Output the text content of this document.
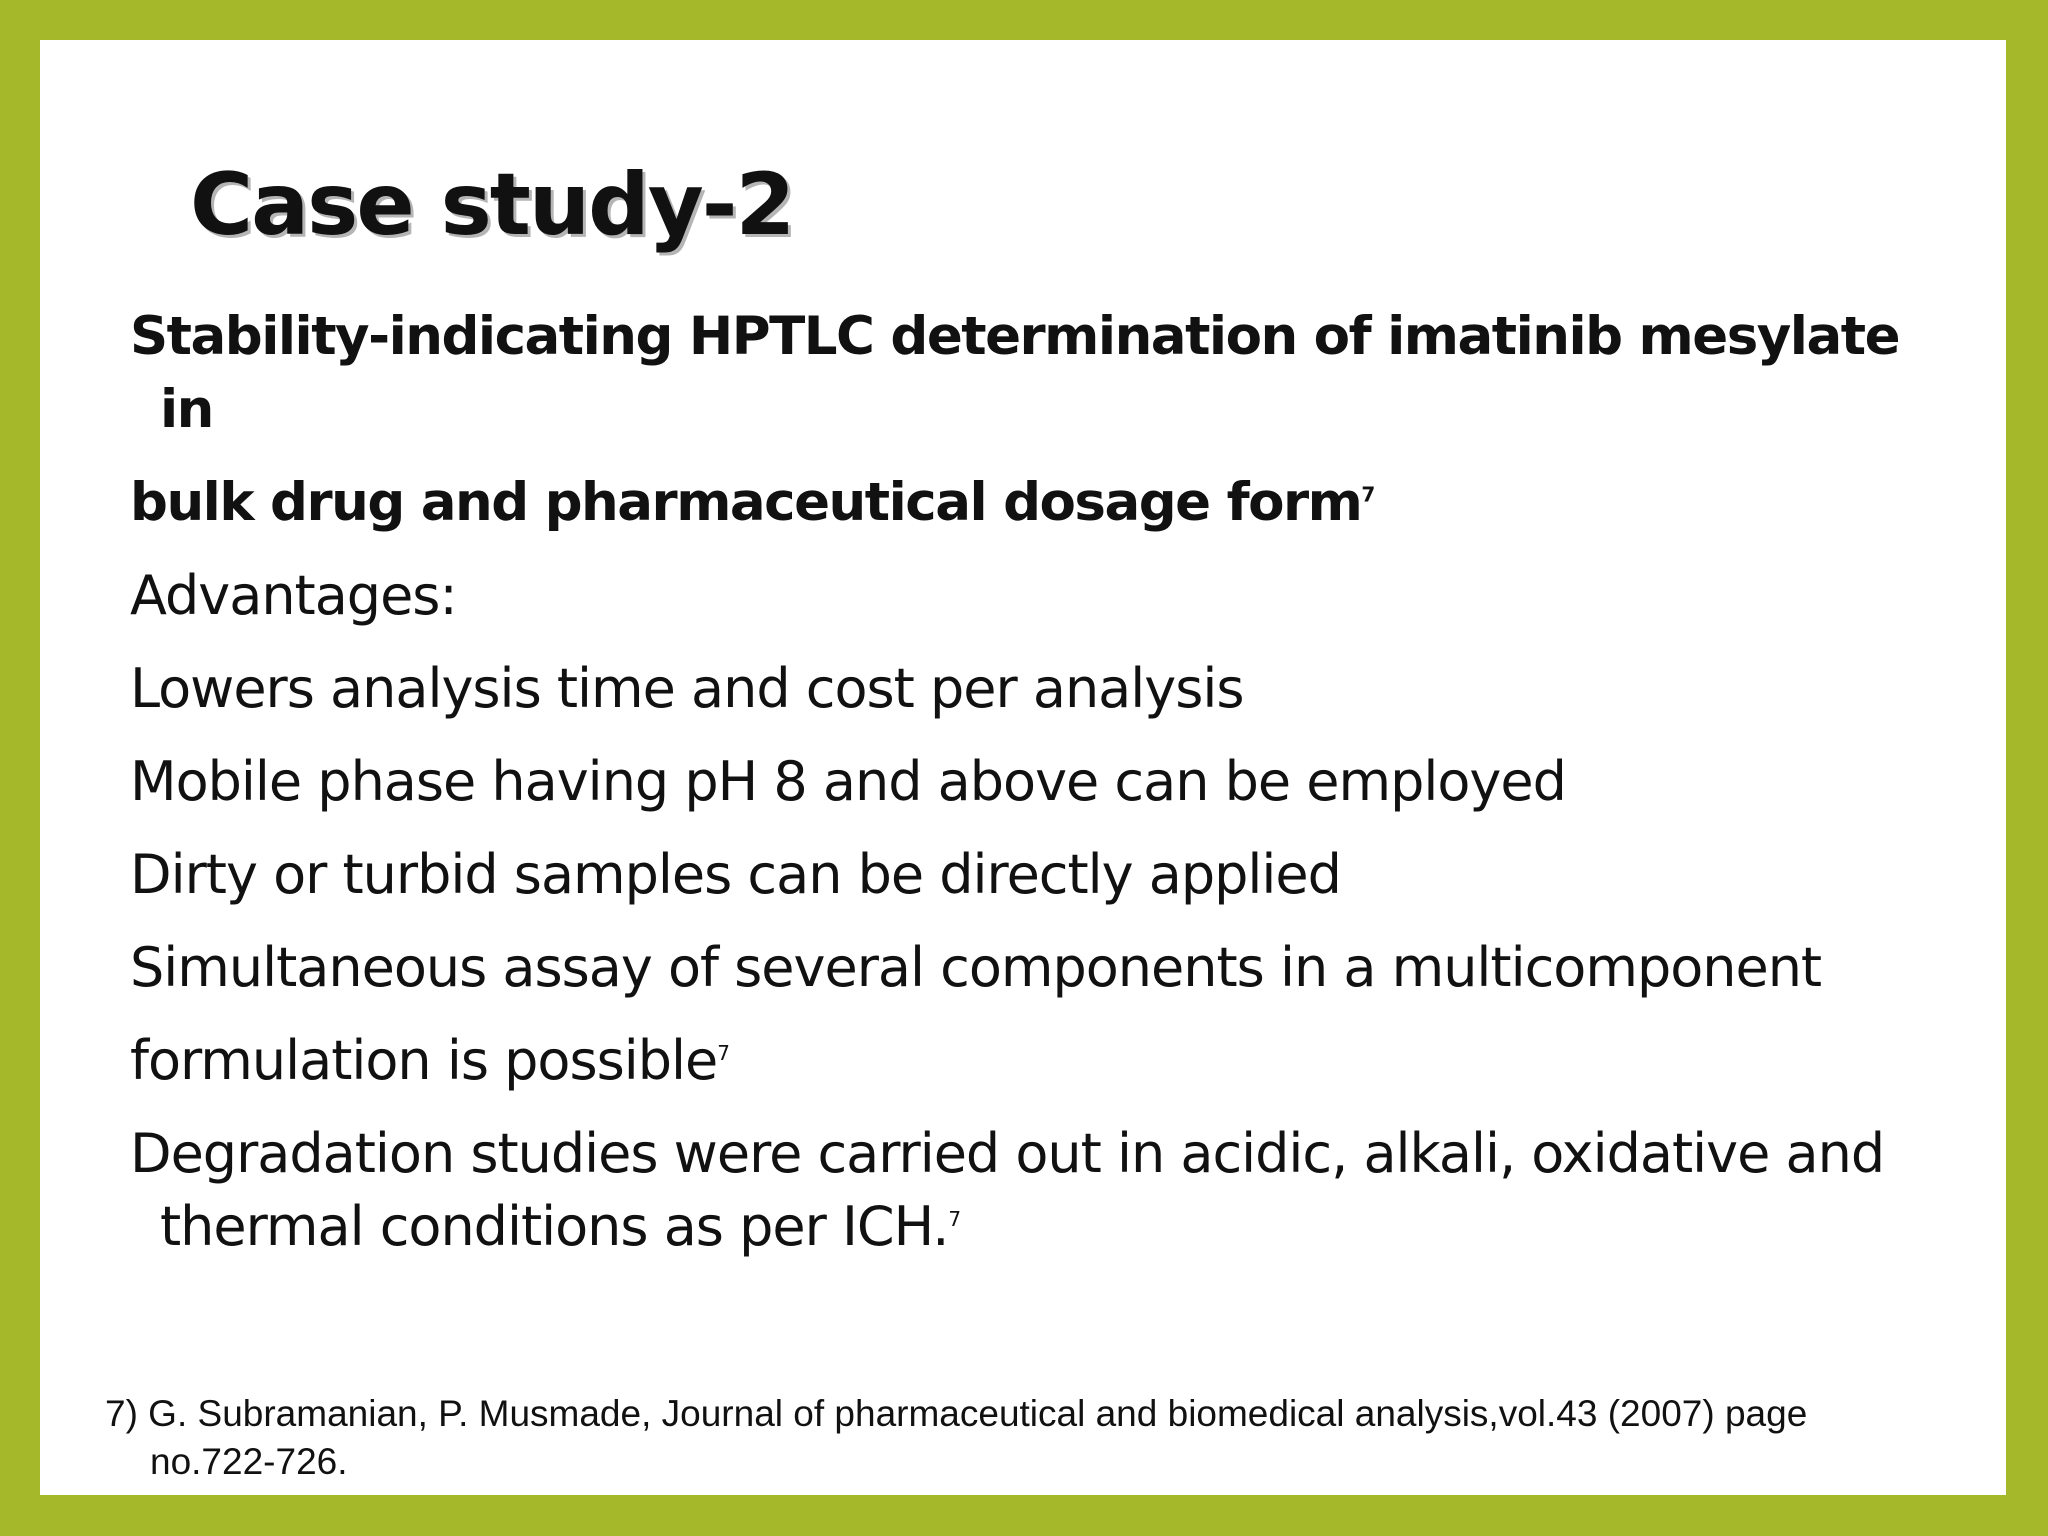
Case study-2

Stability-indicating HPTLC determination of imatinib mesylate in

bulk drug and pharmaceutical dosage form$^7$

Advantages:

Lowers analysis time and cost per analysis

Mobile phase having pH 8 and above can be employed

Dirty or turbid samples can be directly applied

Simultaneous assay of several components in a multicomponent

formulation is possible$^7$

Degradation studies were carried out in acidic, alkali, oxidative and thermal conditions as per ICH.$^7$

7) G. Subramanian, P. Musmade, Journal of pharmaceutical and biomedical analysis,vol.43 (2007) page no.722-726.
